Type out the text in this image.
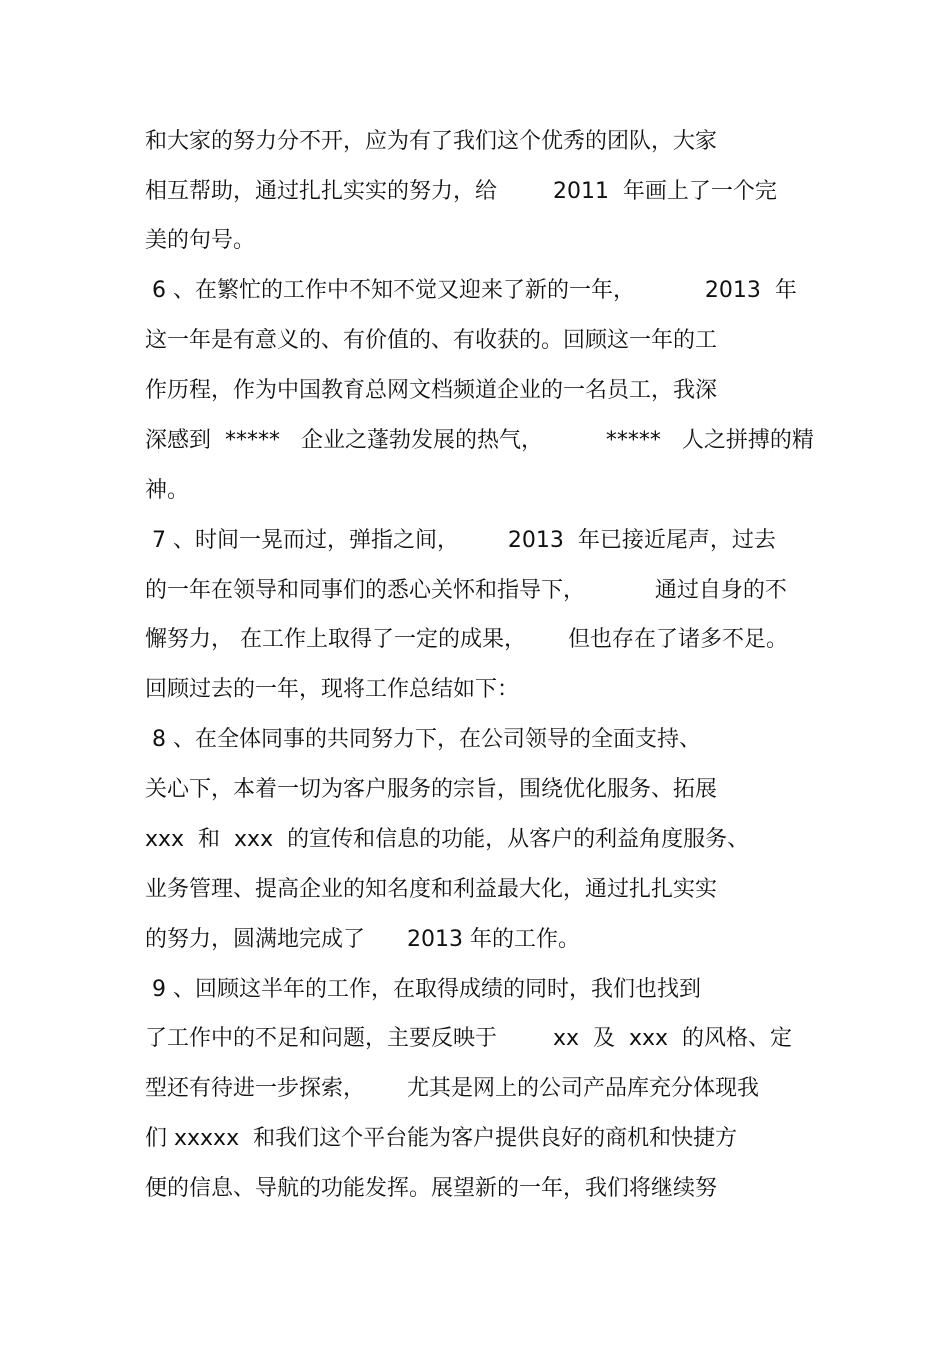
和大家的努力分不开，应为有了我们这个优秀的团队，大家
相互帮助，通过扎扎实实的努力，给        2011  年画上了一个完
美的句号。
6 、在繁忙的工作中不知不觉又迎来了新的一年，          2013  年
这一年是有意义的、有价值的、有收获的。回顾这一年的工
作历程，作为中国教育总网文档频道企业的一名员工，我深
深感到  *****   企业之蓬勃发展的热气，         *****   人之拼搏的精
神。
7 、时间一晃而过，弹指之间，       2013  年已接近尾声，过去
的一年在领导和同事们的悉心关怀和指导下，          通过自身的不
懈努力， 在工作上取得了一定的成果，      但也存在了诸多不足。
回顾过去的一年，现将工作总结如下：
8 、在全体同事的共同努力下，在公司领导的全面支持、
关心下，本着一切为客户服务的宗旨，围绕优化服务、拓展
xxx  和  xxx  的宣传和信息的功能，从客户的利益角度服务、
业务管理、提高企业的知名度和利益最大化，通过扎扎实实
的努力，圆满地完成了      2013 年的工作。
9 、回顾这半年的工作，在取得成绩的同时，我们也找到
了工作中的不足和问题，主要反映于        xx  及  xxx  的风格、定
型还有待进一步探索，      尤其是网上的公司产品库充分体现我
们 xxxxx  和我们这个平台能为客户提供良好的商机和快捷方
便的信息、导航的功能发挥。展望新的一年，我们将继续努
